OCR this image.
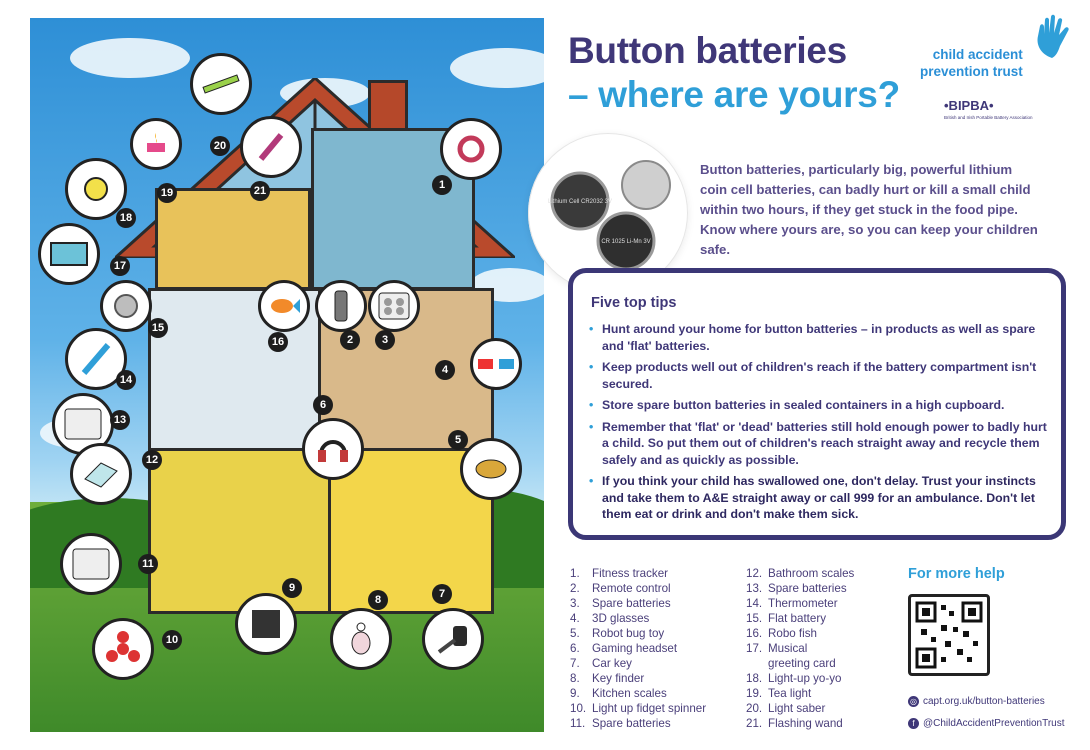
1
2	3
4
5
6
7
8
9
10
11
12
13
14
15
16
17
18
19
20
21
Button batteries
– where are yours?
child accident
prevention trust
•BIPBA•
British and Irish Portable Battery Association
Lithium Cell CR2032 3V
CR 1025 Li-Mn 3V
Button batteries, particularly big, powerful lithium coin cell batteries, can badly hurt or kill a small child within two hours, if they get stuck in the food pipe. Know where yours are, so you can keep your children safe.
Five top tips
• Hunt around your home for button batteries – in products as well as spare and 'flat' batteries.
• Keep products well out of children's reach if the battery compartment isn't secured.
• Store spare button batteries in sealed containers in a high cupboard.
• Remember that 'flat' or 'dead' batteries still hold enough power to badly hurt a child. So put them out of children's reach straight away and recycle them safely and as quickly as possible.
• If you think your child has swallowed one, don't delay. Trust your instincts and take them to A&E straight away or call 999 for an ambulance. Don't let them eat or drink and don't make them sick.
1.	Fitness tracker
2.	Remote control
3.	Spare batteries
4.	3D glasses
5.	Robot bug toy
6.	Gaming headset
7.	Car key
8.	Key finder
9.	Kitchen scales
10. Light up fidget spinner
11. Spare batteries
12. Bathroom scales
13. Spare batteries
14. Thermometer
15. Flat battery
16. Robo fish
17. Musical
greeting card
18. Light-up yo-yo
19. Tea light
20. Light saber
21. Flashing wand
For more help
◎ capt.org.uk/button-batteries
f @ChildAccidentPreventionTrust
